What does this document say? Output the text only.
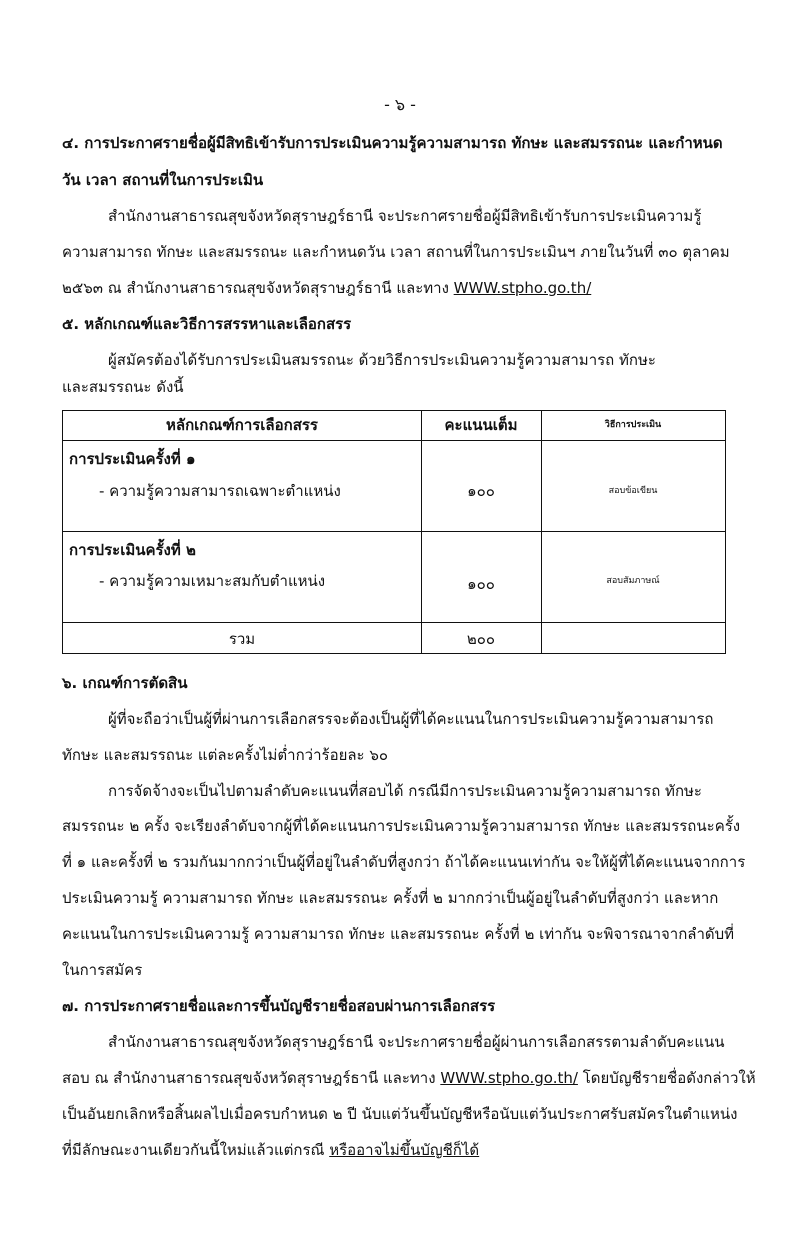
- ๖ -
๔. การประกาศรายชื่อผู้มีสิทธิเข้ารับการประเมินความรู้ความสามารถ ทักษะ และสมรรถนะ และกำหนด
วัน เวลา สถานที่ในการประเมิน
สำนักงานสาธารณสุขจังหวัดสุราษฎร์ธานี จะประกาศรายชื่อผู้มีสิทธิเข้ารับการประเมินความรู้
ความสามารถ ทักษะ และสมรรถนะ และกำหนดวัน เวลา สถานที่ในการประเมินฯ ภายในวันที่ ๓๐ ตุลาคม
๒๕๖๓ ณ สำนักงานสาธารณสุขจังหวัดสุราษฎร์ธานี และทาง WWW.stpho.go.th/
๕. หลักเกณฑ์และวิธีการสรรหาและเลือกสรร
ผู้สมัครต้องได้รับการประเมินสมรรถนะ ด้วยวิธีการประเมินความรู้ความสามารถ ทักษะ
และสมรรถนะ ดังนี้
หลักเกณฑ์การเลือกสรร	คะแนนเต็ม	วิธีการประเมิน
การประเมินครั้งที่ ๑
- ความรู้ความสามารถเฉพาะตำแหน่ง	๑๐๐	สอบข้อเขียน
การประเมินครั้งที่ ๒
- ความรู้ความเหมาะสมกับตำแหน่ง	๑๐๐	สอบสัมภาษณ์
รวม	๒๐๐
๖. เกณฑ์การตัดสิน
ผู้ที่จะถือว่าเป็นผู้ที่ผ่านการเลือกสรรจะต้องเป็นผู้ที่ได้คะแนนในการประเมินความรู้ความสามารถ
ทักษะ และสมรรถนะ แต่ละครั้งไม่ต่ำกว่าร้อยละ ๖๐
การจัดจ้างจะเป็นไปตามลำดับคะแนนที่สอบได้ กรณีมีการประเมินความรู้ความสามารถ ทักษะ
สมรรถนะ ๒ ครั้ง จะเรียงลำดับจากผู้ที่ได้คะแนนการประเมินความรู้ความสามารถ ทักษะ และสมรรถนะครั้ง
ที่ ๑ และครั้งที่ ๒ รวมกันมากกว่าเป็นผู้ที่อยู่ในลำดับที่สูงกว่า ถ้าได้คะแนนเท่ากัน จะให้ผู้ที่ได้คะแนนจากการ
ประเมินความรู้ ความสามารถ ทักษะ และสมรรถนะ ครั้งที่ ๒ มากกว่าเป็นผู้อยู่ในลำดับที่สูงกว่า และหาก
คะแนนในการประเมินความรู้ ความสามารถ ทักษะ และสมรรถนะ ครั้งที่ ๒ เท่ากัน จะพิจารณาจากลำดับที่
ในการสมัคร
๗. การประกาศรายชื่อและการขึ้นบัญชีรายชื่อสอบผ่านการเลือกสรร
สำนักงานสาธารณสุขจังหวัดสุราษฎร์ธานี จะประกาศรายชื่อผู้ผ่านการเลือกสรรตามลำดับคะแนน
สอบ ณ สำนักงานสาธารณสุขจังหวัดสุราษฎร์ธานี และทาง WWW.stpho.go.th/ โดยบัญชีรายชื่อดังกล่าวให้
เป็นอันยกเลิกหรือสิ้นผลไปเมื่อครบกำหนด ๒ ปี นับแต่วันขึ้นบัญชีหรือนับแต่วันประกาศรับสมัครในตำแหน่ง
ที่มีลักษณะงานเดียวกันนี้ใหม่แล้วแต่กรณี หรืออาจไม่ขึ้นบัญชีก็ได้
